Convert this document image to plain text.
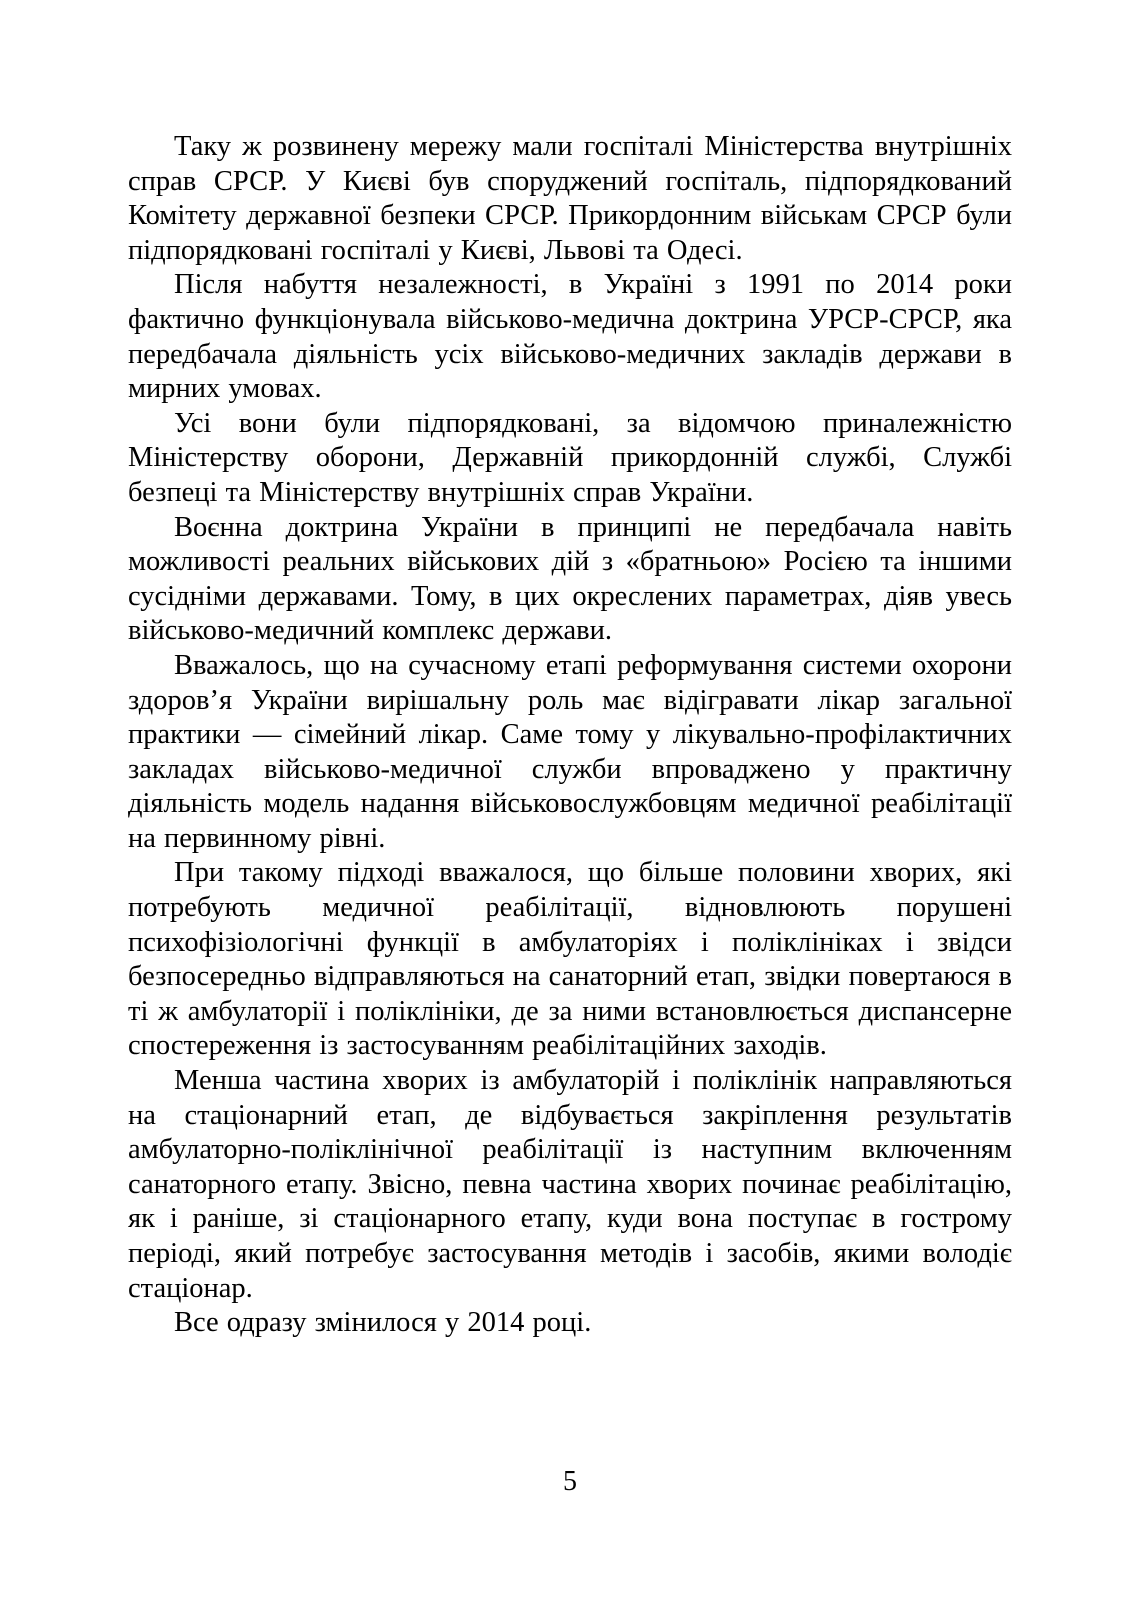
Таку ж розвинену мережу мали госпіталі Міністерства внутрішніх справ СРСР. У Києві був споруджений госпіталь, підпорядкований Комітету державної безпеки СРСР. Прикордонним військам СРСР були підпорядковані госпіталі у Києві, Львові та Одесі.

Після набуття незалежності, в Україні з 1991 по 2014 роки фактично функціонувала військово-медична доктрина УРСР-СРСР, яка передбачала діяльність усіх військово-медичних закладів держави в мирних умовах.

Усі вони були підпорядковані, за відомчою приналежністю Міністерству оборони, Державній прикордонній службі, Службі безпеці та Міністерству внутрішніх справ України.

Воєнна доктрина України в принципі не передбачала навіть можливості реальних військових дій з «братньою» Росією та іншими сусідніми державами. Тому, в цих окреслених параметрах, діяв увесь військово-медичний комплекс держави.

Вважалось, що на сучасному етапі реформування системи охорони здоров’я України вирішальну роль має відігравати лікар загальної практики — сімейний лікар. Саме тому у лікувально-профілактичних закладах військово-медичної служби впроваджено у практичну діяльність модель надання військовослужбовцям медичної реабілітації на первинному рівні.

При такому підході вважалося, що більше половини хворих, які потребують медичної реабілітації, відновлюють порушені психофізіологічні функції в амбулаторіях і поліклініках і звідси безпосередньо відправляються на санаторний етап, звідки повертаюся в ті ж амбулаторії і поліклініки, де за ними встановлюється диспансерне спостереження із застосуванням реабілітаційних заходів.

Менша частина хворих із амбулаторій і поліклінік направляються на стаціонарний етап, де відбувається закріплення результатів амбулаторно-поліклінічної реабілітації із наступним включенням санаторного етапу. Звісно, певна частина хворих починає реабілітацію, як і раніше, зі стаціонарного етапу, куди вона поступає в гострому періоді, який потребує застосування методів і засобів, якими володіє стаціонар.

Все одразу змінилося у 2014 році.

5
